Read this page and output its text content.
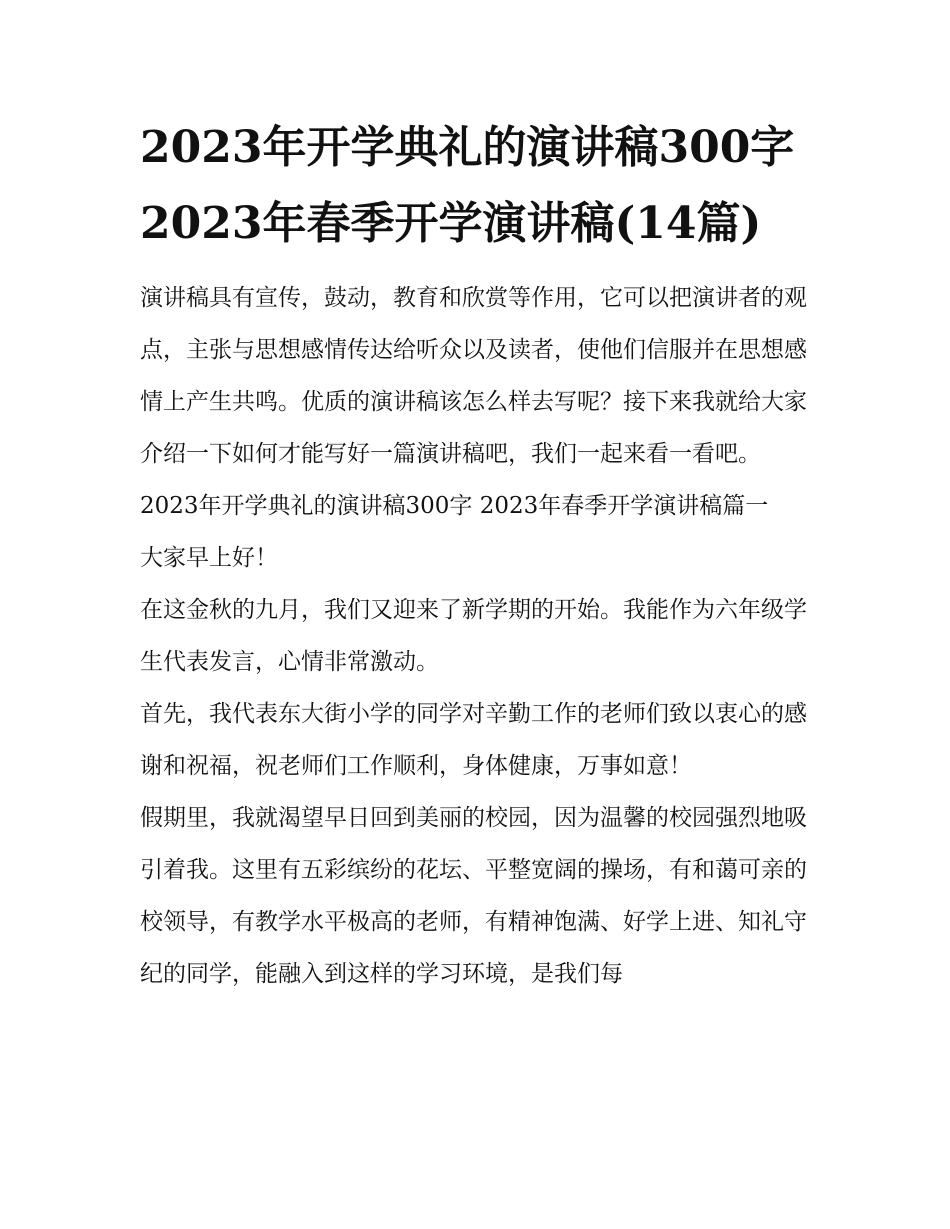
2023年开学典礼的演讲稿300字 2023年春季开学演讲稿(14篇)

演讲稿具有宣传，鼓动，教育和欣赏等作用，它可以把演讲者的观点，主张与思想感情传达给听众以及读者，使他们信服并在思想感情上产生共鸣。优质的演讲稿该怎么样去写呢？接下来我就给大家介绍一下如何才能写好一篇演讲稿吧，我们一起来看一看吧。

2023年开学典礼的演讲稿300字 2023年春季开学演讲稿篇一

大家早上好！

在这金秋的九月，我们又迎来了新学期的开始。我能作为六年级学生代表发言，心情非常激动。

首先，我代表东大街小学的同学对辛勤工作的老师们致以衷心的感谢和祝福，祝老师们工作顺利，身体健康，万事如意！

假期里，我就渴望早日回到美丽的校园，因为温馨的校园强烈地吸引着我。这里有五彩缤纷的花坛、平整宽阔的操场，有和蔼可亲的校领导，有教学水平极高的老师，有精神饱满、好学上进、知礼守纪的同学，能融入到这样的学习环境，是我们每
